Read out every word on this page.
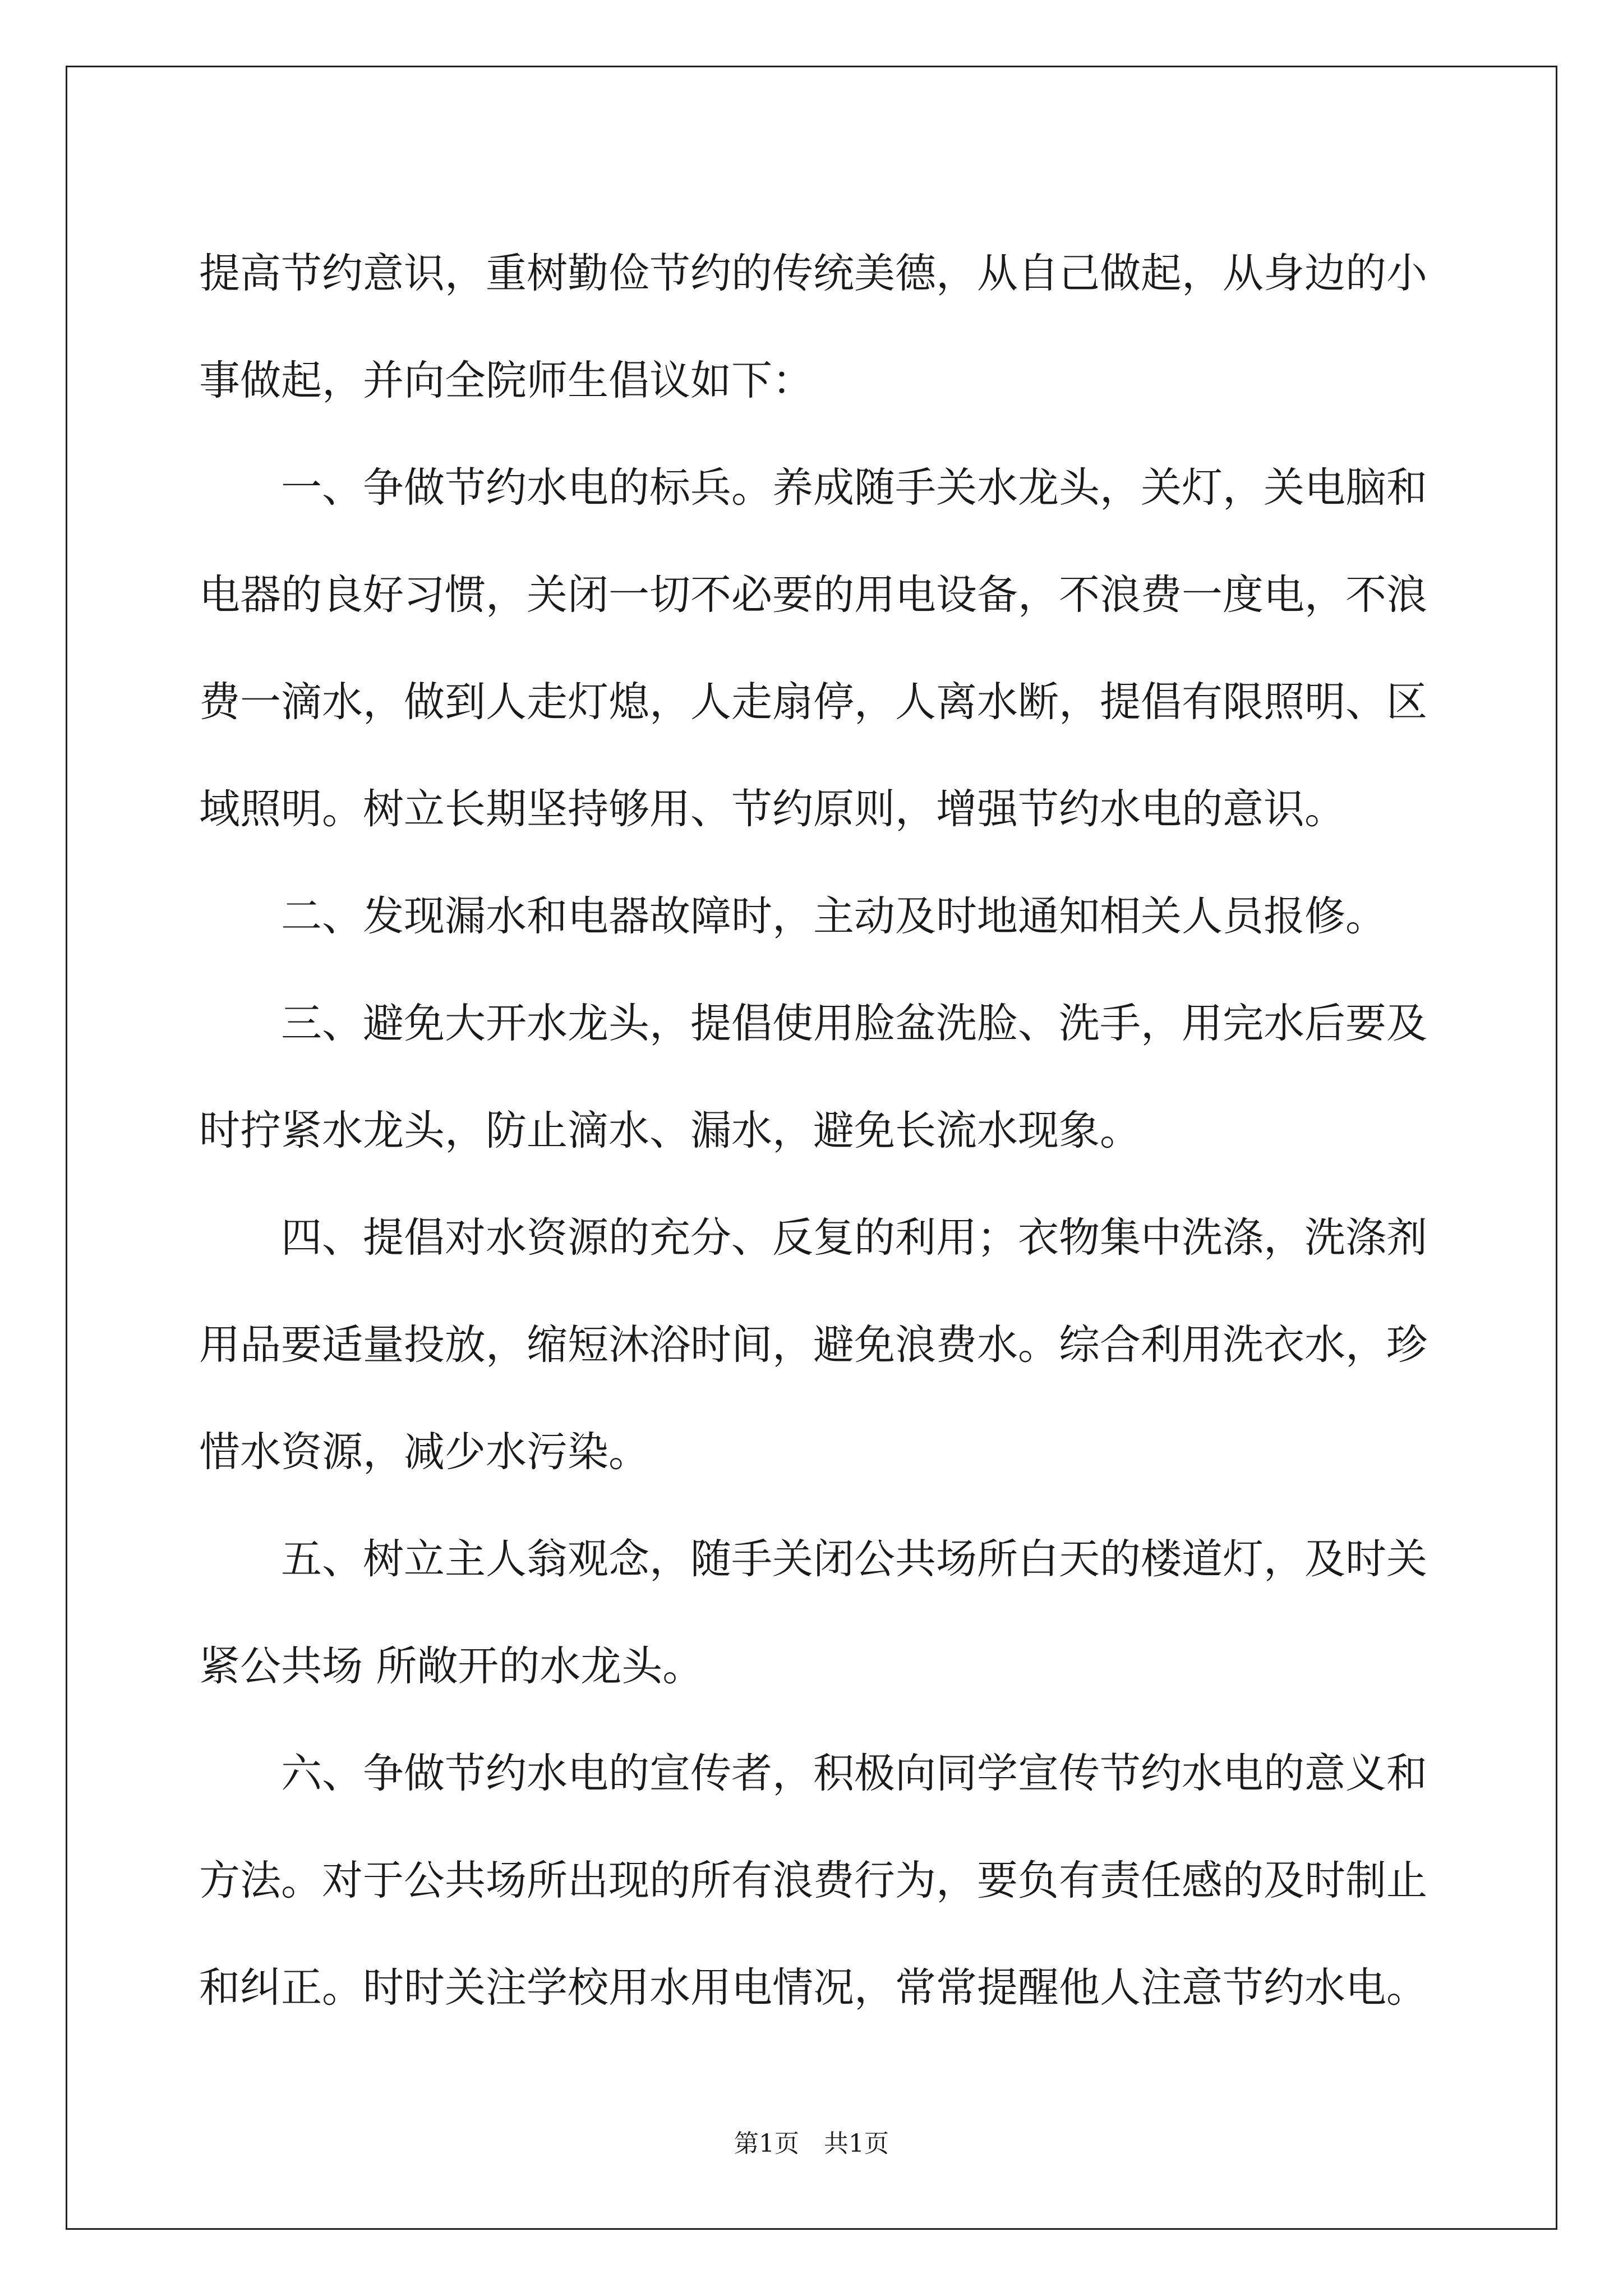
提高节约意识，重树勤俭节约的传统美德，从自己做起，从身边的小
事做起，并向全院师生倡议如下：

一、争做节约水电的标兵。养成随手关水龙头，关灯，关电脑和
电器的良好习惯，关闭一切不必要的用电设备，不浪费一度电，不浪
费一滴水，做到人走灯熄，人走扇停，人离水断，提倡有限照明、区
域照明。树立长期坚持够用、节约原则，增强节约水电的意识。

二、发现漏水和电器故障时，主动及时地通知相关人员报修。

三、避免大开水龙头，提倡使用脸盆洗脸、洗手，用完水后要及
时拧紧水龙头，防止滴水、漏水，避免长流水现象。

四、提倡对水资源的充分、反复的利用；衣物集中洗涤，洗涤剂
用品要适量投放，缩短沐浴时间，避免浪费水。综合利用洗衣水，珍
惜水资源，减少水污染。

五、树立主人翁观念，随手关闭公共场所白天的楼道灯，及时关
紧公共场 所敞开的水龙头。

六、争做节约水电的宣传者，积极向同学宣传节约水电的意义和
方法。对于公共场所出现的所有浪费行为，要负有责任感的及时制止
和纠正。时时关注学校用水用电情况，常常提醒他人注意节约水电。

第1页　共1页
